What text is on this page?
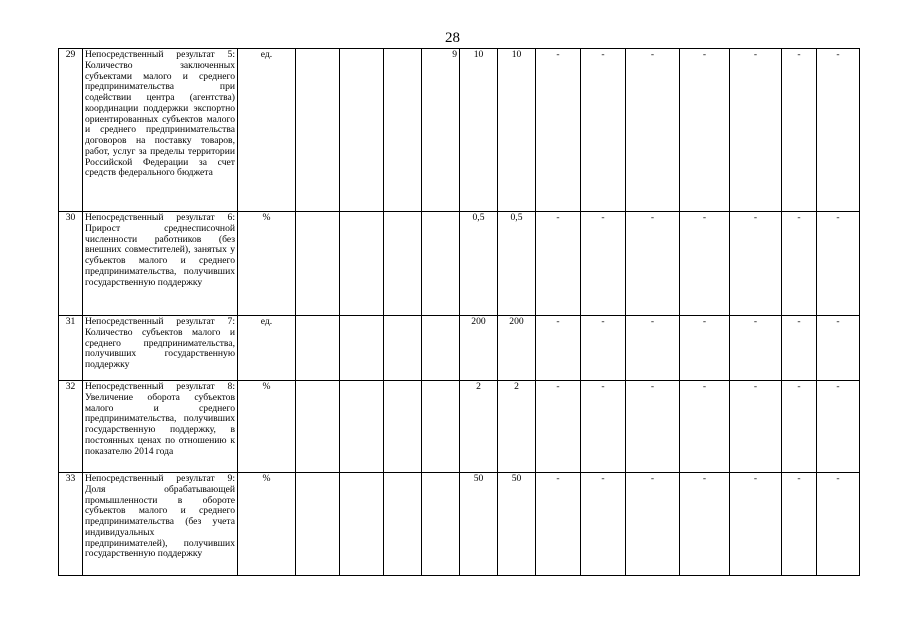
28
29	Непосредственный результат 5: Количество заключенных субъектами малого и среднего предпринимательства при содействии центра (агентства) координации поддержки экспортно ориентированных субъектов малого и среднего предпринимательства договоров на поставку товаров, работ, услуг за пределы территории Российской Федерации за счет средств федерального бюджета	ед.				9	10	10	-	-	-	-	-	-	-
30	Непосредственный результат 6: Прирост среднесписочной численности работников (без внешних совместителей), занятых у субъектов малого и среднего предпринимательства, получивших государственную поддержку	%					0,5	0,5	-	-	-	-	-	-	-
31	Непосредственный результат 7: Количество субъектов малого и среднего предпринимательства, получивших государственную поддержку	ед.					200	200	-	-	-	-	-	-	-
32	Непосредственный результат 8: Увеличение оборота субъектов малого и среднего предпринимательства, получивших государственную поддержку, в постоянных ценах по отношению к показателю 2014 года	%					2	2	-	-	-	-	-	-	-
33	Непосредственный результат 9: Доля обрабатывающей промышленности в обороте субъектов малого и среднего предпринимательства (без учета индивидуальных предпринимателей), получивших государственную поддержку	%					50	50	-	-	-	-	-	-	-
